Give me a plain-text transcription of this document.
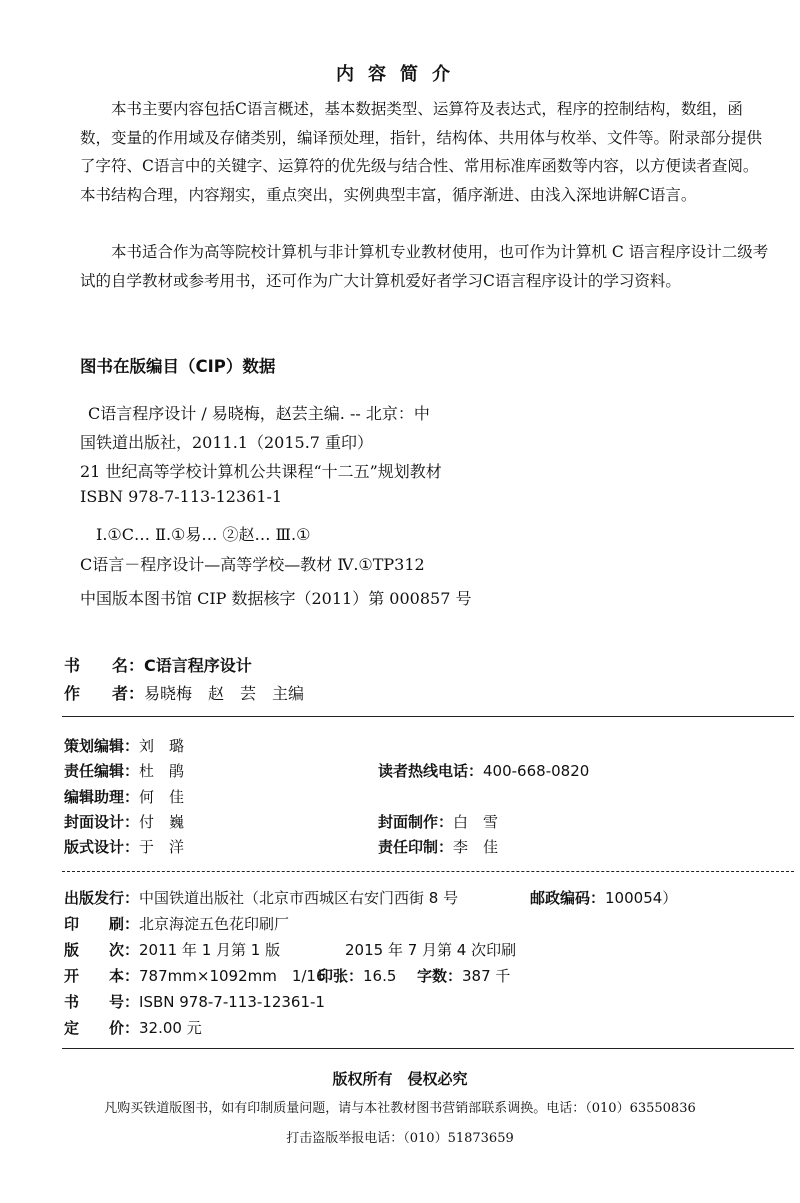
内容简介
本书主要内容包括C语言概述，基本数据类型、运算符及表达式，程序的控制结构，数组，函数，变量的作用域及存储类别，编译预处理，指针，结构体、共用体与枚举、文件等。附录部分提供了字符、C语言中的关键字、运算符的优先级与结合性、常用标准库函数等内容，以方便读者查阅。本书结构合理，内容翔实，重点突出，实例典型丰富，循序渐进、由浅入深地讲解C语言。
本书适合作为高等院校计算机与非计算机专业教材使用，也可作为计算机 C 语言程序设计二级考试的自学教材或参考用书，还可作为广大计算机爱好者学习C语言程序设计的学习资料。
图书在版编目（CIP）数据
C语言程序设计 / 易晓梅，赵芸主编. -- 北京：中
国铁道出版社，2011.1（2015.7 重印）
21 世纪高等学校计算机公共课程“十二五”规划教材
ISBN 978-7-113-12361-1
Ⅰ.①C… Ⅱ.①易… ②赵… Ⅲ.①
C语言－程序设计—高等学校—教材 Ⅳ.①TP312
中国版本图书馆 CIP 数据核字（2011）第 000857 号
书　　名：C语言程序设计
作　　者：易晓梅　赵　芸　主编
策划编辑：刘　璐
责任编辑：杜　鹃	读者热线电话：400-668-0820
编辑助理：何　佳
封面设计：付　巍	封面制作：白　雪
版式设计：于　洋	责任印制：李　佳
出版发行：中国铁道出版社（北京市西城区右安门西街 8 号	邮政编码：100054）
印　　刷：北京海淀五色花印刷厂
版　　次：2011 年 1 月第 1 版	2015 年 7 月第 4 次印刷
开　　本：787mm×1092mm　1/16
印张：16.5 字数：387 千
书　　号：ISBN 978-7-113-12361-1
定　　价：32.00 元
版权所有　侵权必究
凡购买铁道版图书，如有印制质量问题，请与本社教材图书营销部联系调换。电话：（010）63550836
打击盗版举报电话：（010）51873659
